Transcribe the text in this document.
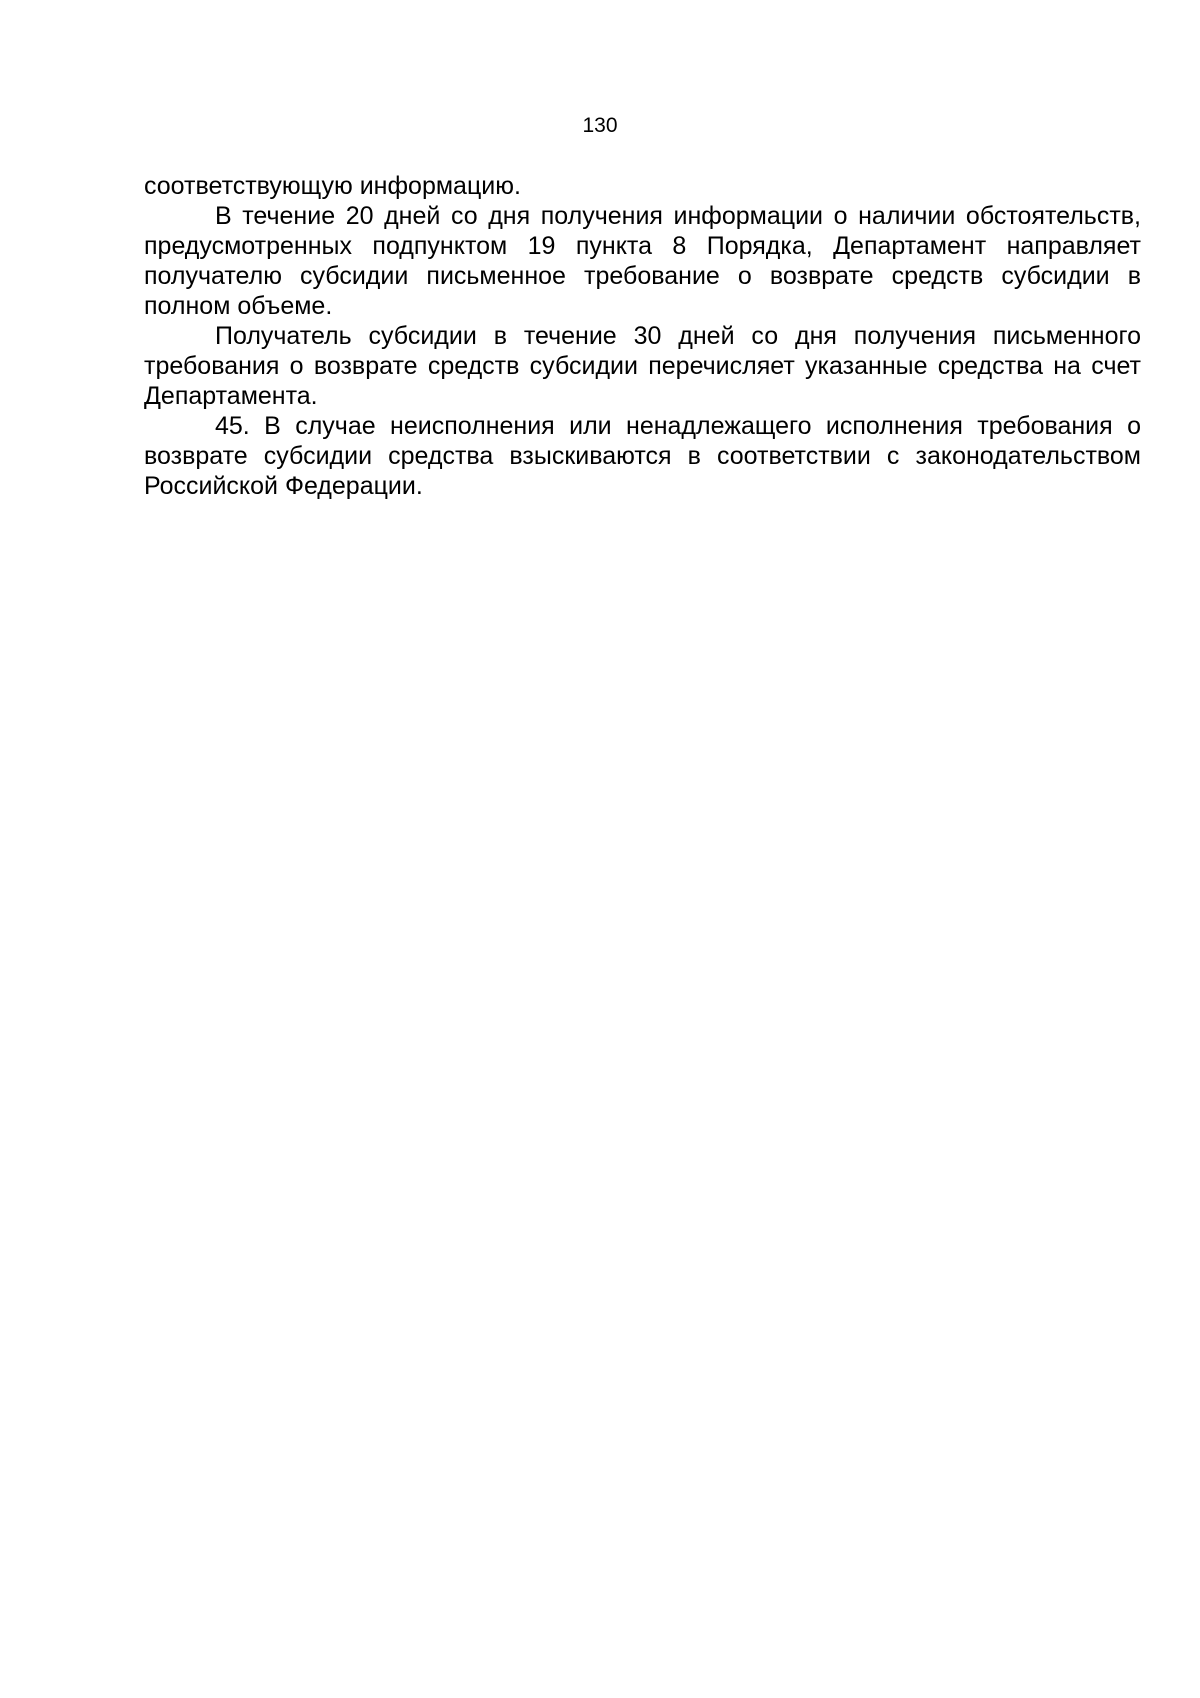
130

соответствующую информацию.

В течение 20 дней со дня получения информации о наличии обстоятельств, предусмотренных подпунктом 19 пункта 8 Порядка, Департамент направляет получателю субсидии письменное требование о возврате средств субсидии в полном объеме.

Получатель субсидии в течение 30 дней со дня получения письменного требования о возврате средств субсидии перечисляет указанные средства на счет Департамента.

45. В случае неисполнения или ненадлежащего исполнения требования о возврате субсидии средства взыскиваются в соответствии с законодательством Российской Федерации.
